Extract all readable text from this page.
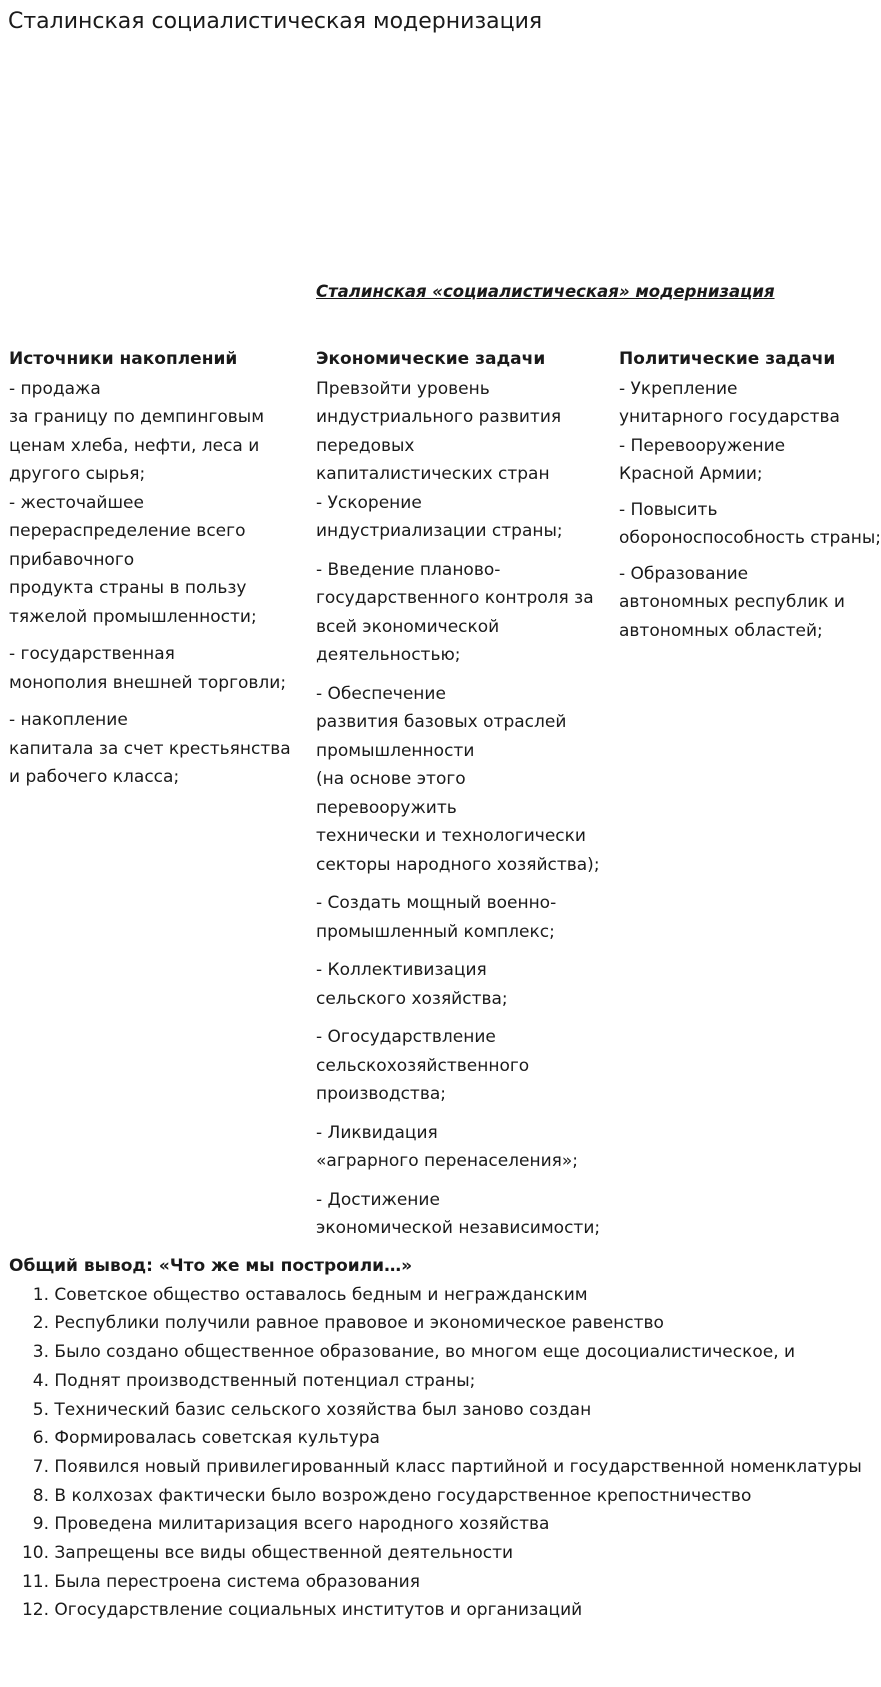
Сталинская социалистическая модернизация
Сталинская «социалистическая» модернизация
Источники накоплений

- продажа
за границу по демпинговым
ценам хлеба, нефти, леса и
другого сырья;
- жесточайшее
перераспределение всего
прибавочного
продукта страны в пользу
тяжелой промышленности;

- государственная
монополия внешней торговли;

- накопление
капитала за счет крестьянства
и рабочего класса;

Экономические задачи

Превзойти уровень
индустриального развития
передовых
капиталистических стран
- Ускорение
индустриализации страны;

- Введение планово-
государственного контроля за
всей экономической
деятельностью;

- Обеспечение
развития базовых отраслей
промышленности
(на основе этого
перевооружить
технически и технологически
секторы народного хозяйства);

- Создать мощный военно-
промышленный комплекс;

- Коллективизация
сельского хозяйства;

- Огосударствление
сельскохозяйственного
производства;

- Ликвидация
«аграрного перенаселения»;

- Достижение
экономической независимости;

Политические задачи

- Укрепление
унитарного государства
- Перевооружение
Красной Армии;

- Повысить
обороноспособность страны;

- Образование
автономных республик и
автономных областей;

Общий вывод: «Что же мы построили…»
1.
Советское общество оставалось бедным и негражданским
2.
Республики получили равное правовое и экономическое равенство
3.
Было создано общественное образование, во многом еще досоциалистическое, и
4.
Поднят производственный потенциал страны;
5.
Технический базис сельского хозяйства был заново создан
6.
Формировалась советская культура
7.
Появился новый привилегированный класс партийной и государственной номенклатуры
8.
В колхозах фактически было возрождено государственное крепостничество
9.
Проведена милитаризация всего народного хозяйства
10.
Запрещены все виды общественной деятельности
11.
Была перестроена система образования
12.
Огосударствление социальных институтов и организаций
